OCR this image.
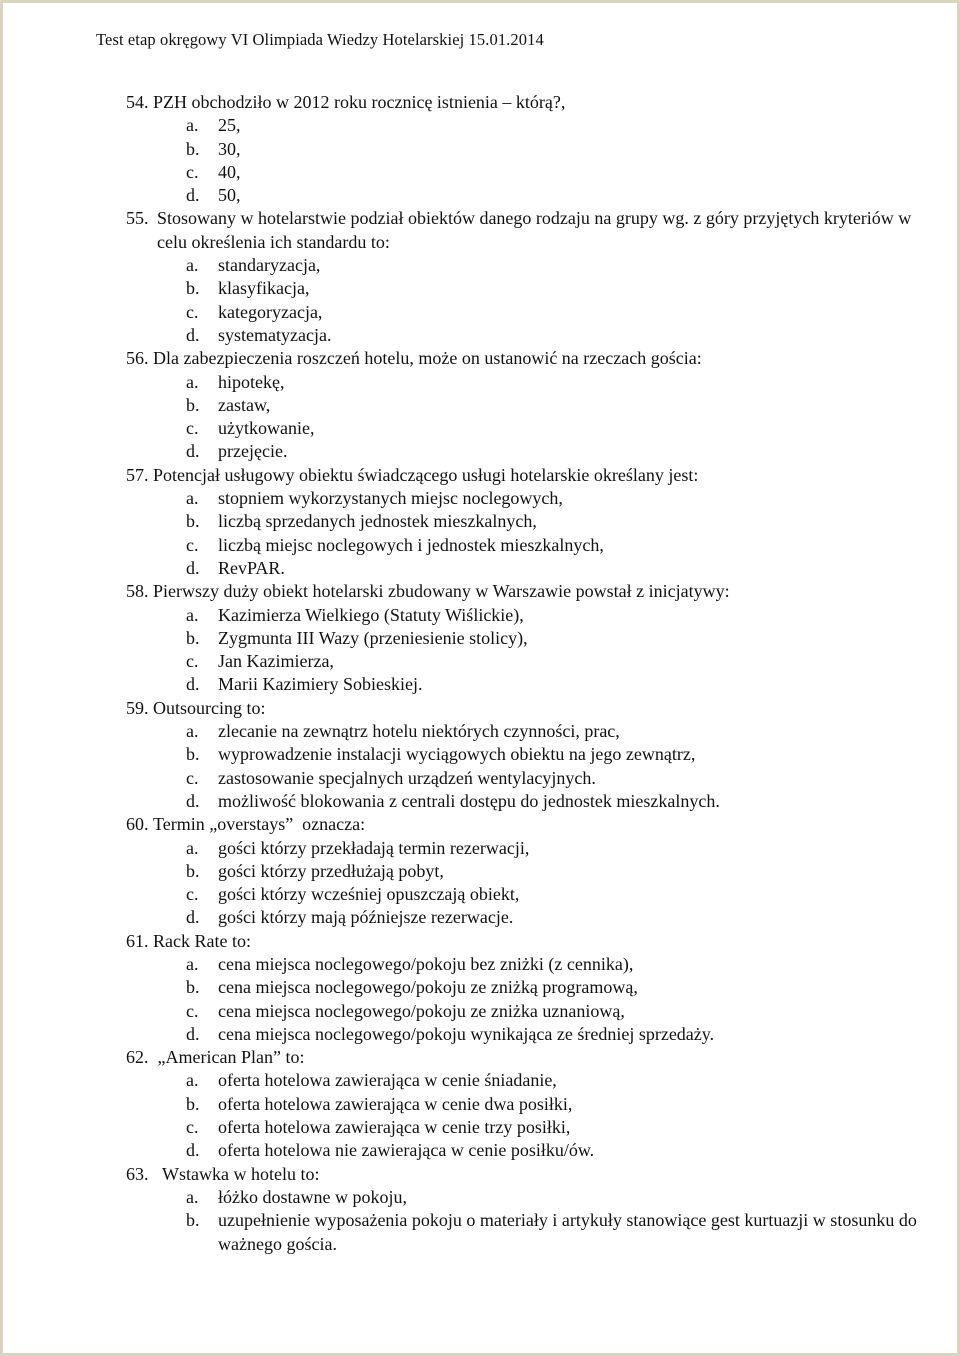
Test etap okręgowy VI Olimpiada Wiedzy Hotelarskiej 15.01.2014
54. PZH obchodziło w 2012 roku rocznicę istnienia – którą?,
a.	25,
b.	30,
c.	40,
d.	50,
55. Stosowany w hotelarstwie podział obiektów danego rodzaju na grupy wg. z góry przyjętych kryteriów w celu określenia ich standardu to:
a.	standaryzacja,
b.	klasyfikacja,
c.	kategoryzacja,
d.	systematyzacja.
56. Dla zabezpieczenia roszczeń hotelu, może on ustanowić na rzeczach gościa:
a.	hipotekę,
b.	zastaw,
c.	użytkowanie,
d.	przejęcie.
57. Potencjał usługowy obiektu świadczącego usługi hotelarskie określany jest:
a.	stopniem wykorzystanych miejsc noclegowych,
b.	liczbą sprzedanych jednostek mieszkalnych,
c.	liczbą miejsc noclegowych i jednostek mieszkalnych,
d.	RevPAR.
58. Pierwszy duży obiekt hotelarski zbudowany w Warszawie powstał z inicjatywy:
a.	Kazimierza Wielkiego (Statuty Wiślickie),
b.	Zygmunta III Wazy (przeniesienie stolicy),
c.	Jan Kazimierza,
d.	Marii Kazimiery Sobieskiej.
59. Outsourcing to:
a.	zlecanie na zewnątrz hotelu niektórych czynności, prac,
b.	wyprowadzenie instalacji wyciągowych obiektu na jego zewnątrz,
c.	zastosowanie specjalnych urządzeń wentylacyjnych.
d.	możliwość blokowania z centrali dostępu do jednostek mieszkalnych.
60. Termin „overstays”  oznacza:
a.	gości którzy przekładają termin rezerwacji,
b.	gości którzy przedłużają pobyt,
c.	gości którzy wcześniej opuszczają obiekt,
d.	gości którzy mają późniejsze rezerwacje.
61. Rack Rate to:
a.	cena miejsca noclegowego/pokoju bez zniżki (z cennika),
b.	cena miejsca noclegowego/pokoju ze zniżką programową,
c.	cena miejsca noclegowego/pokoju ze zniżka uznaniową,
d.	cena miejsca noclegowego/pokoju wynikająca ze średniej sprzedaży.
62. „American Plan” to:
a.	oferta hotelowa zawierająca w cenie śniadanie,
b.	oferta hotelowa zawierająca w cenie dwa posiłki,
c.	oferta hotelowa zawierająca w cenie trzy posiłki,
d.	oferta hotelowa nie zawierająca w cenie posiłku/ów.
63. Wstawka w hotelu to:
a.	łóżko dostawne w pokoju,
b.	uzupełnienie wyposażenia pokoju o materiały i artykuły stanowiące gest kurtuazji w stosunku do ważnego gościa.
